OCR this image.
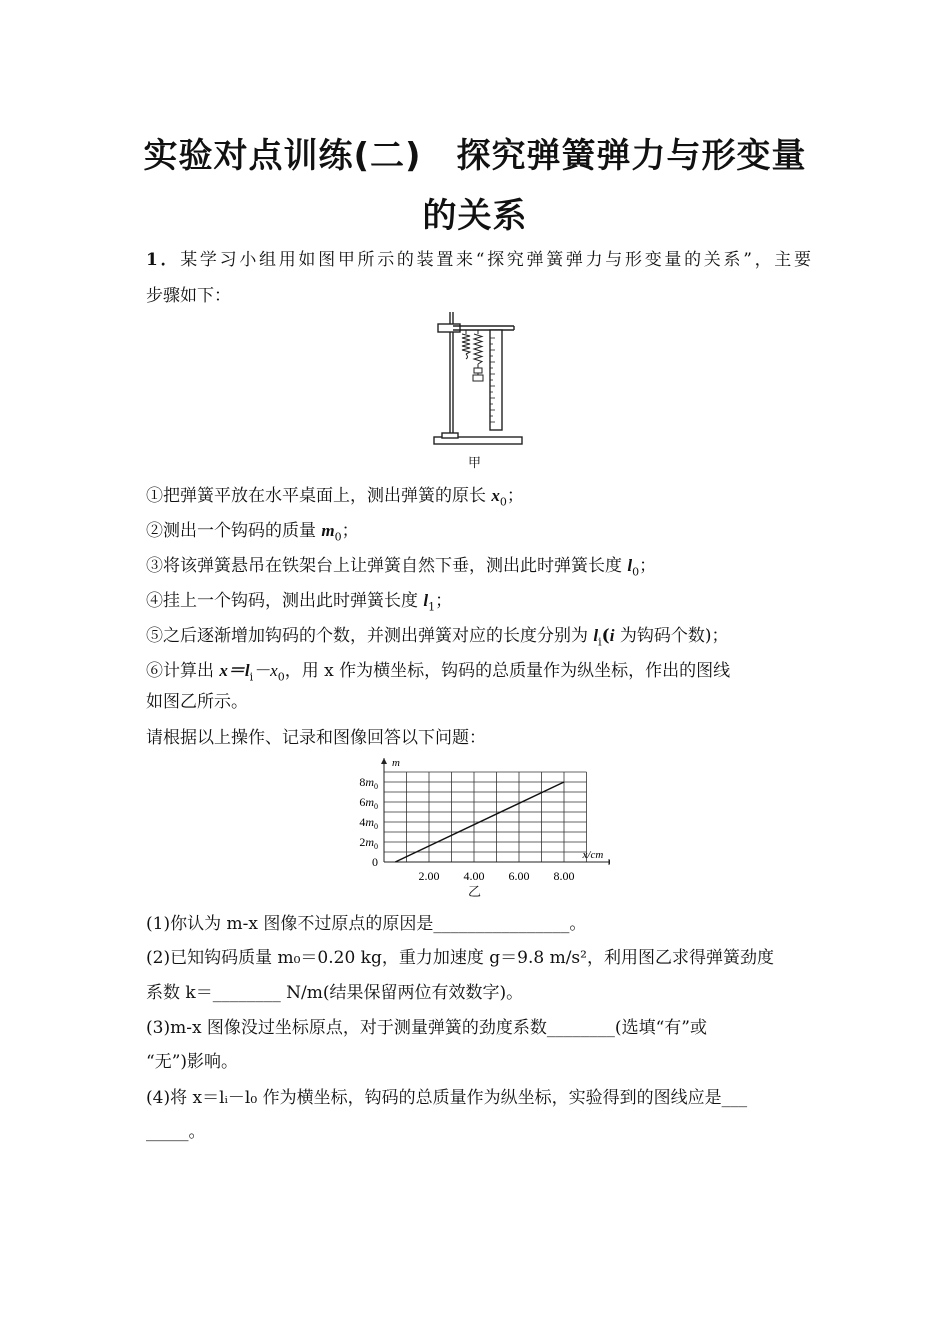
实验对点训练(二)　探究弹簧弹力与形变量
的关系
1．某学习小组用如图甲所示的装置来“探究弹簧弹力与形变量的关系”，主要
步骤如下：
甲
①把弹簧平放在水平桌面上，测出弹簧的原长 $x_0$；
②测出一个钩码的质量 $m_0$；
③将该弹簧悬吊在铁架台上让弹簧自然下垂，测出此时弹簧长度 $l_0$；
④挂上一个钩码，测出此时弹簧长度 $l_1$；
⑤之后逐渐增加钩码的个数，并测出弹簧对应的长度分别为 $l_i(i$ 为钩码个数)；
⑥计算出 $x=l_i-x_0$，用 x 作为横坐标，钩码的总质量作为纵坐标，作出的图线
如图乙所示。
请根据以上操作、记录和图像回答以下问题：
m
x/cm
2.00 4.00 6.00 8.00
0
$2m_0$
$4m_0$
$6m_0$
$8m_0$
乙
(1)你认为 m-x 图像不过原点的原因是________________。
(2)已知钩码质量 m₀＝0.20 kg，重力加速度 g＝9.8 m/s²，利用图乙求得弹簧劲度
系数 k＝________ N/m(结果保留两位有效数字)。
(3)m-x 图像没过坐标原点，对于测量弹簧的劲度系数________(选填“有”或
“无”)影响。
(4)将 x＝lᵢ－l₀ 作为横坐标，钩码的总质量作为纵坐标，实验得到的图线应是___
_____。
